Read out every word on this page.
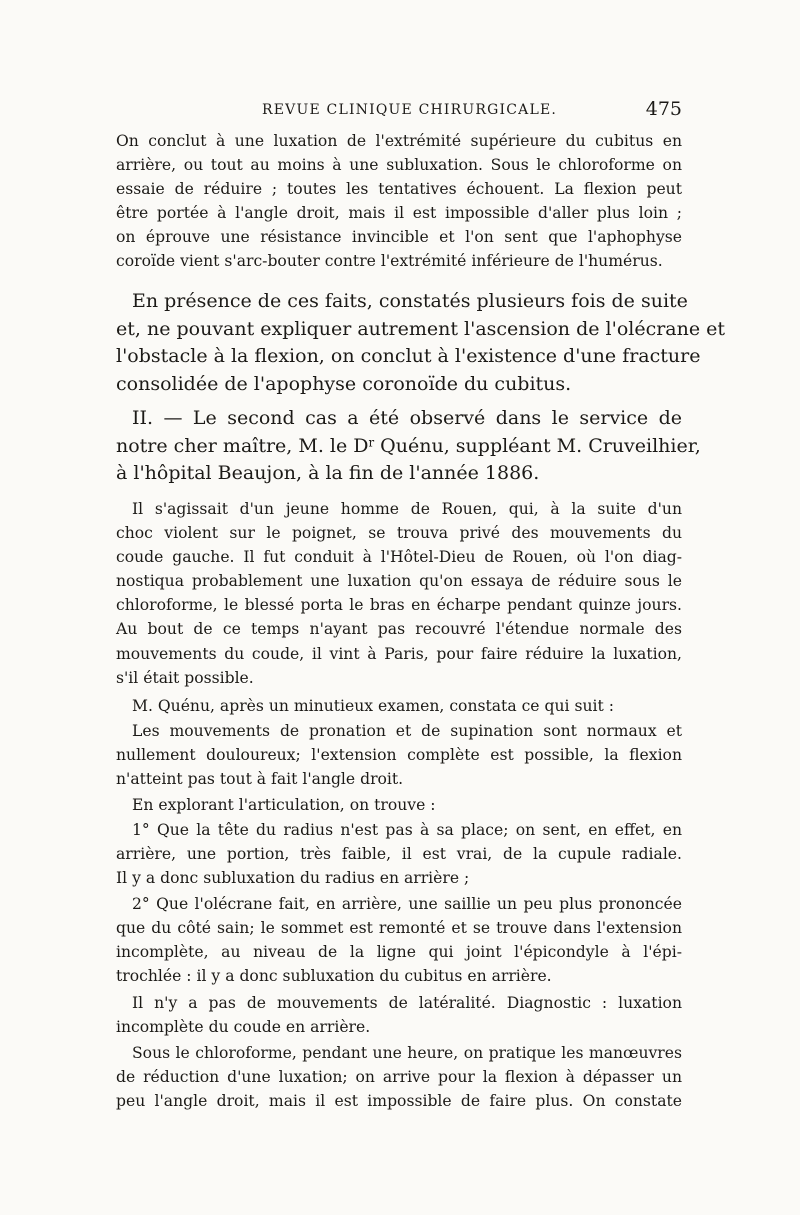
REVUE CLINIQUE CHIRURGICALE.	475
On conclut à une luxation de l'extrémité supérieure du cubitus en
arrière, ou tout au moins à une subluxation. Sous le chloroforme on
essaie de réduire ; toutes les tentatives échouent. La flexion peut
être portée à l'angle droit, mais il est impossible d'aller plus loin ;
on éprouve une résistance invincible et l'on sent que l'aphophyse
coroïde vient s'arc-bouter contre l'extrémité inférieure de l'humérus.
En présence de ces faits, constatés plusieurs fois de suite
et, ne pouvant expliquer autrement l'ascension de l'olécrane et
l'obstacle à la flexion, on conclut à l'existence d'une fracture
consolidée de l'apophyse coronoïde du cubitus.
II. — Le second cas a été observé dans le service de
notre cher maître, M. le $D^r$ Quénu, suppléant M. Cruveilhier,
à l'hôpital Beaujon, à la fin de l'année 1886.
Il s'agissait d'un jeune homme de Rouen, qui, à la suite d'un
choc violent sur le poignet, se trouva privé des mouvements du
coude gauche. Il fut conduit à l'Hôtel-Dieu de Rouen, où l'on diag-
nostiqua probablement une luxation qu'on essaya de réduire sous le
chloroforme, le blessé porta le bras en écharpe pendant quinze jours.
Au bout de ce temps n'ayant pas recouvré l'étendue normale des
mouvements du coude, il vint à Paris, pour faire réduire la luxation,
s'il était possible.
M. Quénu, après un minutieux examen, constata ce qui suit :
Les mouvements de pronation et de supination sont normaux et
nullement douloureux; l'extension complète est possible, la flexion
n'atteint pas tout à fait l'angle droit.
En explorant l'articulation, on trouve :
1° Que la tête du radius n'est pas à sa place; on sent, en effet, en
arrière, une portion, très faible, il est vrai, de la cupule radiale.
Il y a donc subluxation du radius en arrière ;
2° Que l'olécrane fait, en arrière, une saillie un peu plus prononcée
que du côté sain; le sommet est remonté et se trouve dans l'extension
incomplète, au niveau de la ligne qui joint l'épicondyle à l'épi-
trochlée : il y a donc subluxation du cubitus en arrière.
Il n'y a pas de mouvements de latéralité. Diagnostic : luxation
incomplète du coude en arrière.
Sous le chloroforme, pendant une heure, on pratique les manœuvres
de réduction d'une luxation; on arrive pour la flexion à dépasser un
peu l'angle droit, mais il est impossible de faire plus. On constate
